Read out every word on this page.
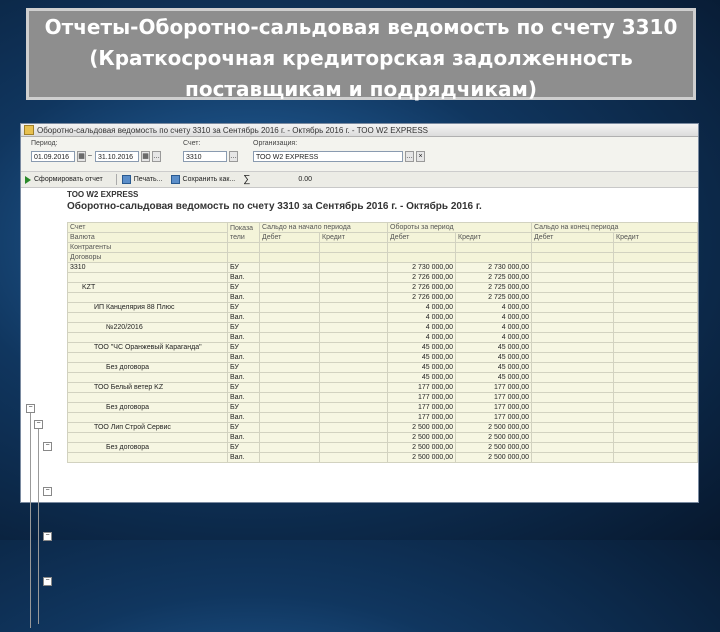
Отчеты-Оборотно-сальдовая ведомость по счету 3310 (Краткосрочная кредиторская задолженность поставщикам и подрядчикам)
Оборотно-сальдовая ведомость по счету 3310 за Сентябрь 2016 г. - Октябрь 2016 г. - ТОО W2 EXPRESS
Период:
01.09.2016	▦ – 31.10.2016	▦ …
Счет:
3310	…
Организация:
ТОО W2 EXPRESS	… ×
Сформировать отчет	Печать...	Сохранить как... ∑	0.00
ТОО W2 EXPRESS
Оборотно-сальдовая ведомость по счету 3310 за Сентябрь 2016 г. - Октябрь 2016 г.
Счет	Показа тели	Сальдо на начало периода		Обороты за период		Сальдо на конец периода	
Валюта		Дебет	Кредит	Дебет	Кредит	Дебет	Кредит
Контрагенты							
Договоры							
3310	БУ			2 730 000,00	2 730 000,00		
	Вал.			2 726 000,00	2 725 000,00		
KZT	БУ			2 726 000,00	2 725 000,00		
	Вал.			2 726 000,00	2 725 000,00		
ИП Канцелярия 88 Плюс	БУ			4 000,00	4 000,00		
	Вал.			4 000,00	4 000,00		
№220/2016	БУ			4 000,00	4 000,00		
	Вал.			4 000,00	4 000,00		
ТОО "ЧС Оранжевый Караганда"	БУ			45 000,00	45 000,00		
	Вал.			45 000,00	45 000,00		
Без договора	БУ			45 000,00	45 000,00		
	Вал.			45 000,00	45 000,00		
ТОО Белый ветер KZ	БУ			177 000,00	177 000,00		
	Вал.			177 000,00	177 000,00		
Без договора	БУ			177 000,00	177 000,00		
	Вал.			177 000,00	177 000,00		
ТОО Лип Строй Сервис	БУ			2 500 000,00	2 500 000,00		
	Вал.			2 500 000,00	2 500 000,00		
Без договора	БУ			2 500 000,00	2 500 000,00		
	Вал.			2 500 000,00	2 500 000,00		
−
−
−
−
−
−
